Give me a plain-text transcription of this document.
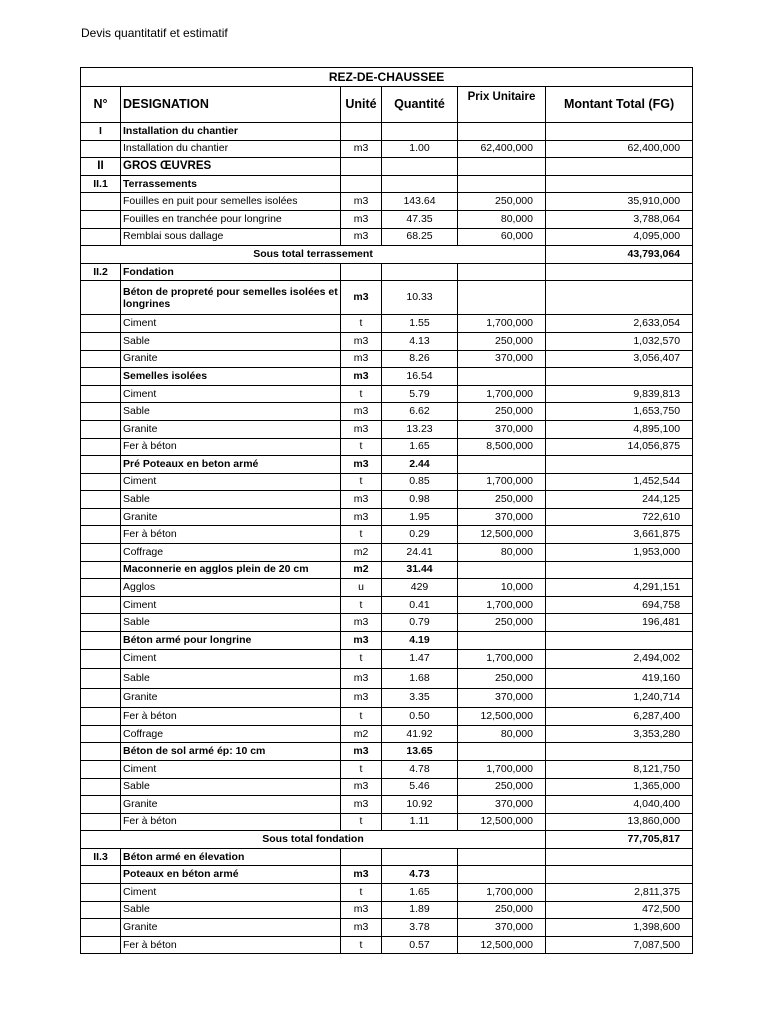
Devis quantitatif et estimatif
REZ-DE-CHAUSSEE					
N°	DESIGNATION	Unité	Quantité	Prix Unitaire	Montant Total (FG)
I	Installation du chantier				
	Installation du chantier	m3	1.00	62,400,000	62,400,000
II	GROS ŒUVRES				
II.1	Terrassements				
	Fouilles en puit pour semelles isolées	m3	143.64	250,000	35,910,000
	Fouilles en tranchée pour longrine	m3	47.35	80,000	3,788,064
	Remblai sous dallage	m3	68.25	60,000	4,095,000
Sous total terrassement					43,793,064
II.2	Fondation				
	Béton de propreté pour semelles isolées et longrines	m3	10.33		
	Ciment	t	1.55	1,700,000	2,633,054
	Sable	m3	4.13	250,000	1,032,570
	Granite	m3	8.26	370,000	3,056,407
	Semelles isolées	m3	16.54		
	Ciment	t	5.79	1,700,000	9,839,813
	Sable	m3	6.62	250,000	1,653,750
	Granite	m3	13.23	370,000	4,895,100
	Fer à béton	t	1.65	8,500,000	14,056,875
	Pré Poteaux en beton armé	m3	2.44		
	Ciment	t	0.85	1,700,000	1,452,544
	Sable	m3	0.98	250,000	244,125
	Granite	m3	1.95	370,000	722,610
	Fer à béton	t	0.29	12,500,000	3,661,875
	Coffrage	m2	24.41	80,000	1,953,000
	Maconnerie en agglos plein de 20 cm	m2	31.44		
	Agglos	u	429	10,000	4,291,151
	Ciment	t	0.41	1,700,000	694,758
	Sable	m3	0.79	250,000	196,481
	Béton armé pour longrine	m3	4.19		
	Ciment	t	1.47	1,700,000	2,494,002
	Sable	m3	1.68	250,000	419,160
	Granite	m3	3.35	370,000	1,240,714
	Fer à béton	t	0.50	12,500,000	6,287,400
	Coffrage	m2	41.92	80,000	3,353,280
	Béton de sol armé ép: 10 cm	m3	13.65		
	Ciment	t	4.78	1,700,000	8,121,750
	Sable	m3	5.46	250,000	1,365,000
	Granite	m3	10.92	370,000	4,040,400
	Fer à béton	t	1.11	12,500,000	13,860,000
Sous total fondation					77,705,817
II.3	Béton armé en élevation				
	Poteaux en béton armé	m3	4.73		
	Ciment	t	1.65	1,700,000	2,811,375
	Sable	m3	1.89	250,000	472,500
	Granite	m3	3.78	370,000	1,398,600
	Fer à béton	t	0.57	12,500,000	7,087,500
